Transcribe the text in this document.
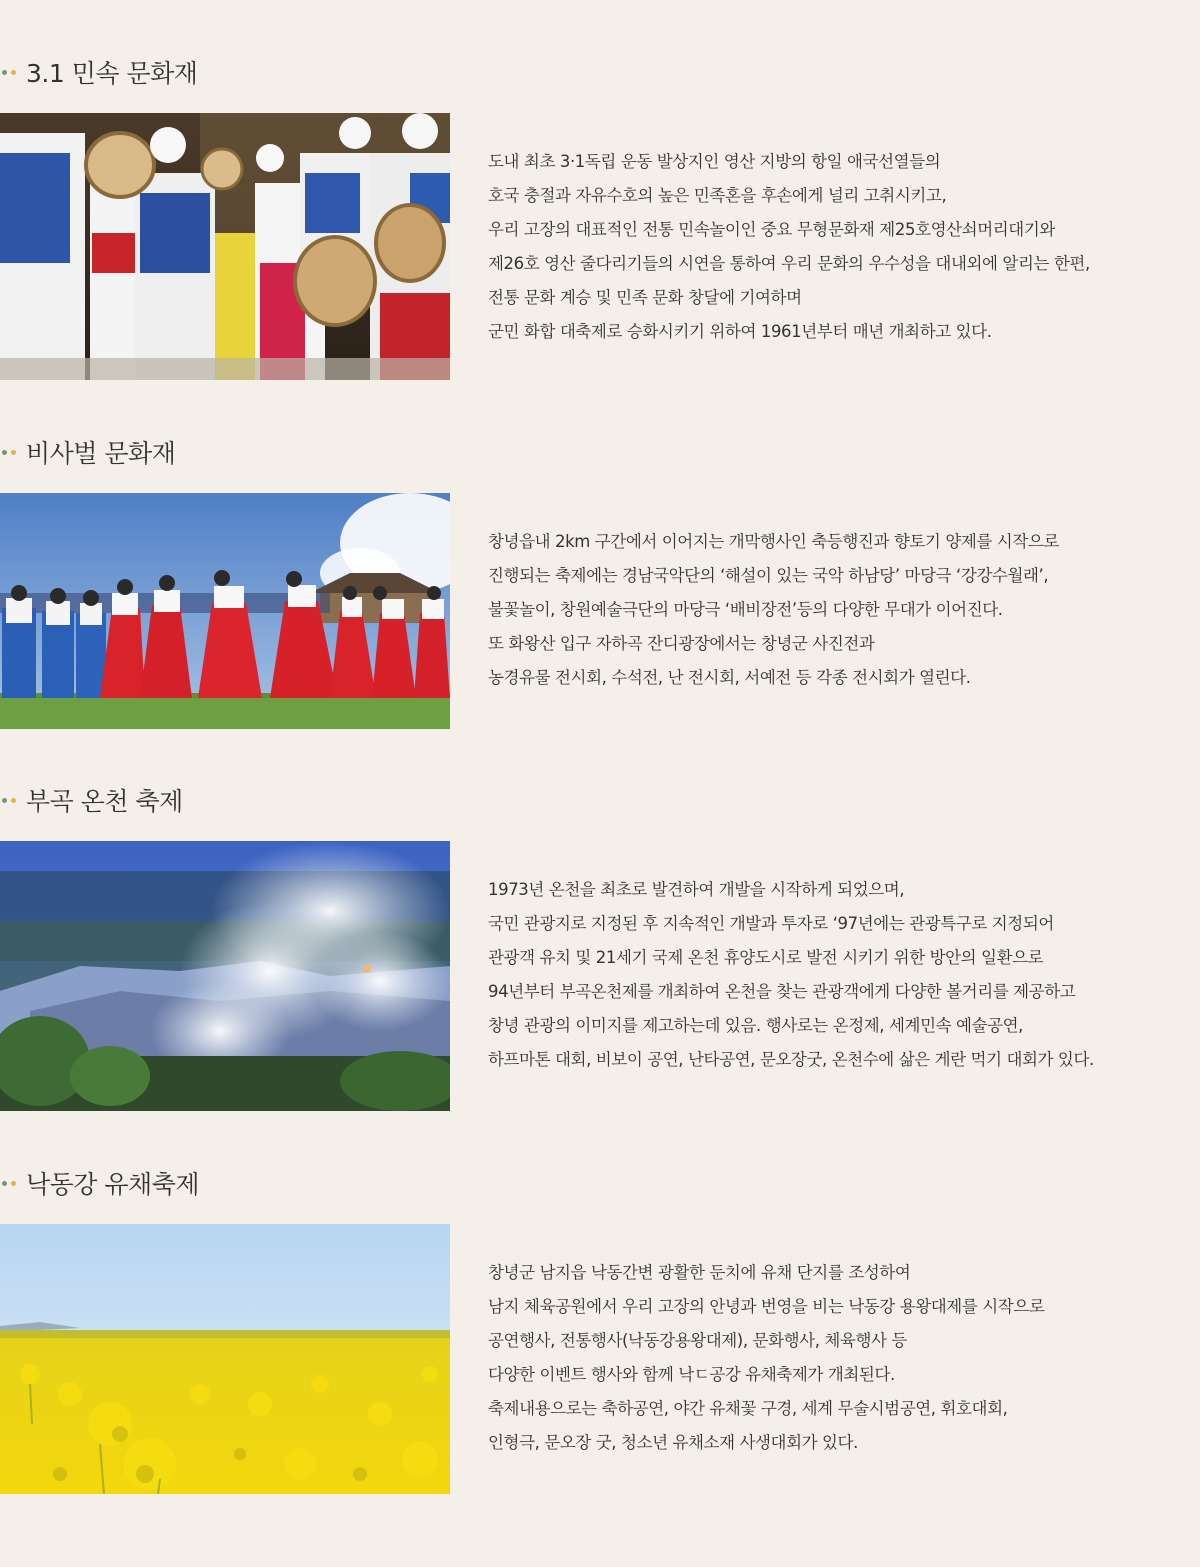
3.1 민속 문화재
도내 최초 3·1독립 운동 발상지인 영산 지방의 항일 애국선열들의
호국 충절과 자유수호의 높은 민족혼을 후손에게 널리 고취시키고,
우리 고장의 대표적인 전통 민속놀이인 중요 무형문화재 제25호영산쇠머리대기와
제26호 영산 줄다리기들의 시연을 통하여 우리 문화의 우수성을 대내외에 알리는 한편,
전통 문화 계승 및 민족 문화 창달에 기여하며
군민 화합 대축제로 승화시키기 위하여 1961년부터 매년 개최하고 있다.
비사벌 문화재
창녕읍내 2km 구간에서 이어지는 개막행사인 축등행진과 향토기 양제를 시작으로
진행되는 축제에는 경남국악단의 ‘해설이 있는 국악 하남당’ 마당극 ‘강강수월래’,
불꽃놀이, 창원예술극단의 마당극 ‘배비장전’등의 다양한 무대가 이어진다.
또 화왕산 입구 자하곡 잔디광장에서는 창녕군 사진전과
농경유물 전시회, 수석전, 난 전시회, 서예전 등 각종 전시회가 열린다.
부곡 온천 축제
1973년 온천을 최초로 발견하여 개발을 시작하게 되었으며,
국민 관광지로 지정된 후 지속적인 개발과 투자로 ‘97년에는 관광특구로 지정되어
관광객 유치 및 21세기 국제 온천 휴양도시로 발전 시키기 위한 방안의 일환으로
94년부터 부곡온천제를 개최하여 온천을 찾는 관광객에게 다양한 볼거리를 제공하고
창녕 관광의 이미지를 제고하는데 있음. 행사로는 온정제, 세계민속 예술공연,
하프마톤 대회, 비보이 공연, 난타공연, 문오장굿, 온천수에 삶은 게란 먹기 대회가 있다.
낙동강 유채축제
창녕군 남지읍 낙동간변 광활한 둔치에 유채 단지를 조성하여
남지 체육공원에서 우리 고장의 안녕과 번영을 비는 낙동강 용왕대제를 시작으로
공연행사, 전통행사(낙동강용왕대제), 문화행사, 체육행사 등
다양한 이벤트 행사와 함께 낙ㄷ공강 유채축제가 개최된다.
축제내용으로는 축하공연, 야간 유채꽃 구경, 세계 무술시범공연, 휘호대회,
인형극, 문오장 굿, 청소년 유채소재 사생대회가 있다.
